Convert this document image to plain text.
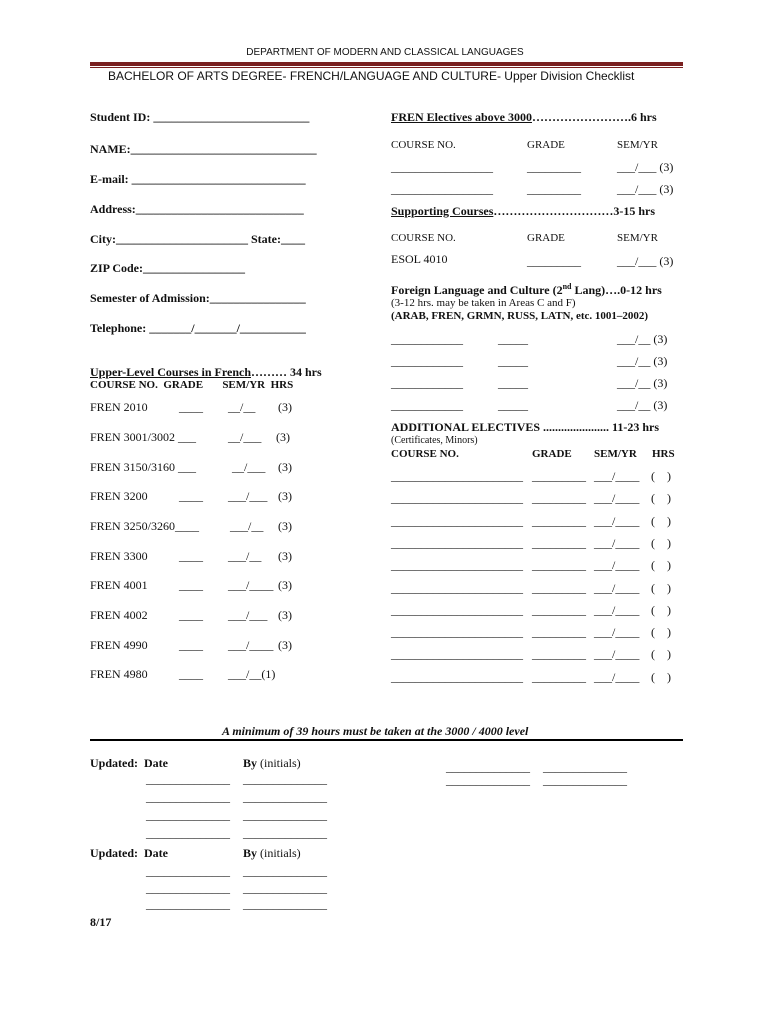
DEPARTMENT OF MODERN AND CLASSICAL LANGUAGES
BACHELOR OF ARTS DEGREE- FRENCH/LANGUAGE AND CULTURE- Upper Division Checklist
Student ID: __________________________
NAME:_______________________________
E-mail: _____________________________
Address:____________________________
City:______________________ State:____
ZIP Code:_________________
Semester of Admission:________________
Telephone: _______/_______/___________
Upper-Level Courses in French……… 34 hrs
COURSE NO.  GRADE       SEM/YR  HRS
FREN 2010	____ __/__ (3)
FREN 3001/3002 ___	__/___ (3)
FREN 3150/3160 ___	__/___ (3)
FREN 3200	____ ___/___ (3)
FREN 3250/3260____	___/__ (3)
FREN 3300	____ ___/__ (3)
FREN 4001	____ ___/____ (3)
FREN 4002	____ ___/___ (3)
FREN 4990	____ ___/____ (3)
FREN 4980	____ ___/__(1)
FREN Electives above 3000…………………….6 hrs
COURSE NO.	GRADE	SEM/YR
_________________	_________	___/___ (3)
_________________	_________	___/___ (3)
Supporting Courses…………………………3-15 hrs
COURSE NO.	GRADE	SEM/YR
ESOL 4010	_________	___/___ (3)
Foreign Language and Culture (2nd Lang)….0-12 hrs
(3-12 hrs. may be taken in Areas C and F)
(ARAB, FREN, GRMN, RUSS, LATN, etc. 1001–2002)
____________	_____	___/__ (3)
____________	_____	___/__ (3)
____________	_____	___/__ (3)
____________	_____	___/__ (3)
ADDITIONAL ELECTIVES ...................... 11-23 hrs
(Certificates, Minors)
COURSE NO.	GRADE SEM/YR HRS
______________________ _________ ___/____ (    )
______________________ _________ ___/____ (    )
______________________ _________ ___/____ (    )
______________________ _________ ___/____ (    )
______________________ _________ ___/____ (    )
______________________ _________ ___/____ (    )
______________________ _________ ___/____ (    )
______________________ _________ ___/____ (    )
______________________ _________ ___/____ (    )
______________________ _________ ___/____ (    )
A minimum of 39 hours must be taken at the 3000 / 4000 level
Updated: Date	By (initials)
Updated: Date	By (initials)
______________ ______________
______________ ______________
______________ ______________
______________ ______________
______________ ______________
______________ ______________
______________ ______________
______________ ______________
______________ ______________
8/17
